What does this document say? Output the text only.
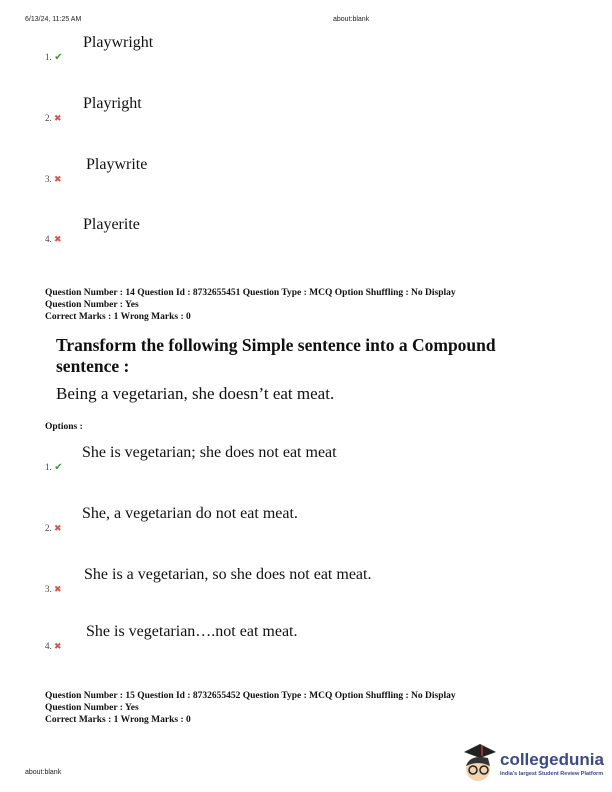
6/13/24, 11:25 AM	about:blank
Playwright
1. ✔
Playright
2. ✖
Playwrite
3. ✖
Playerite
4. ✖
Question Number : 14 Question Id : 8732655451 Question Type : MCQ Option Shuffling : No Display
Question Number : Yes
Correct Marks : 1 Wrong Marks : 0
Transform the following Simple sentence into a Compound sentence :
Being a vegetarian, she doesn’t eat meat.
Options :
She is vegetarian; she does not eat meat
1. ✔
She, a vegetarian do not eat meat.
2. ✖
She is a vegetarian, so she does not eat meat.
3. ✖
She is vegetarian….not eat meat.
4. ✖
Question Number : 15 Question Id : 8732655452 Question Type : MCQ Option Shuffling : No Display
Question Number : Yes
Correct Marks : 1 Wrong Marks : 0
about:blank
collegedunia
India's largest Student Review Platform
